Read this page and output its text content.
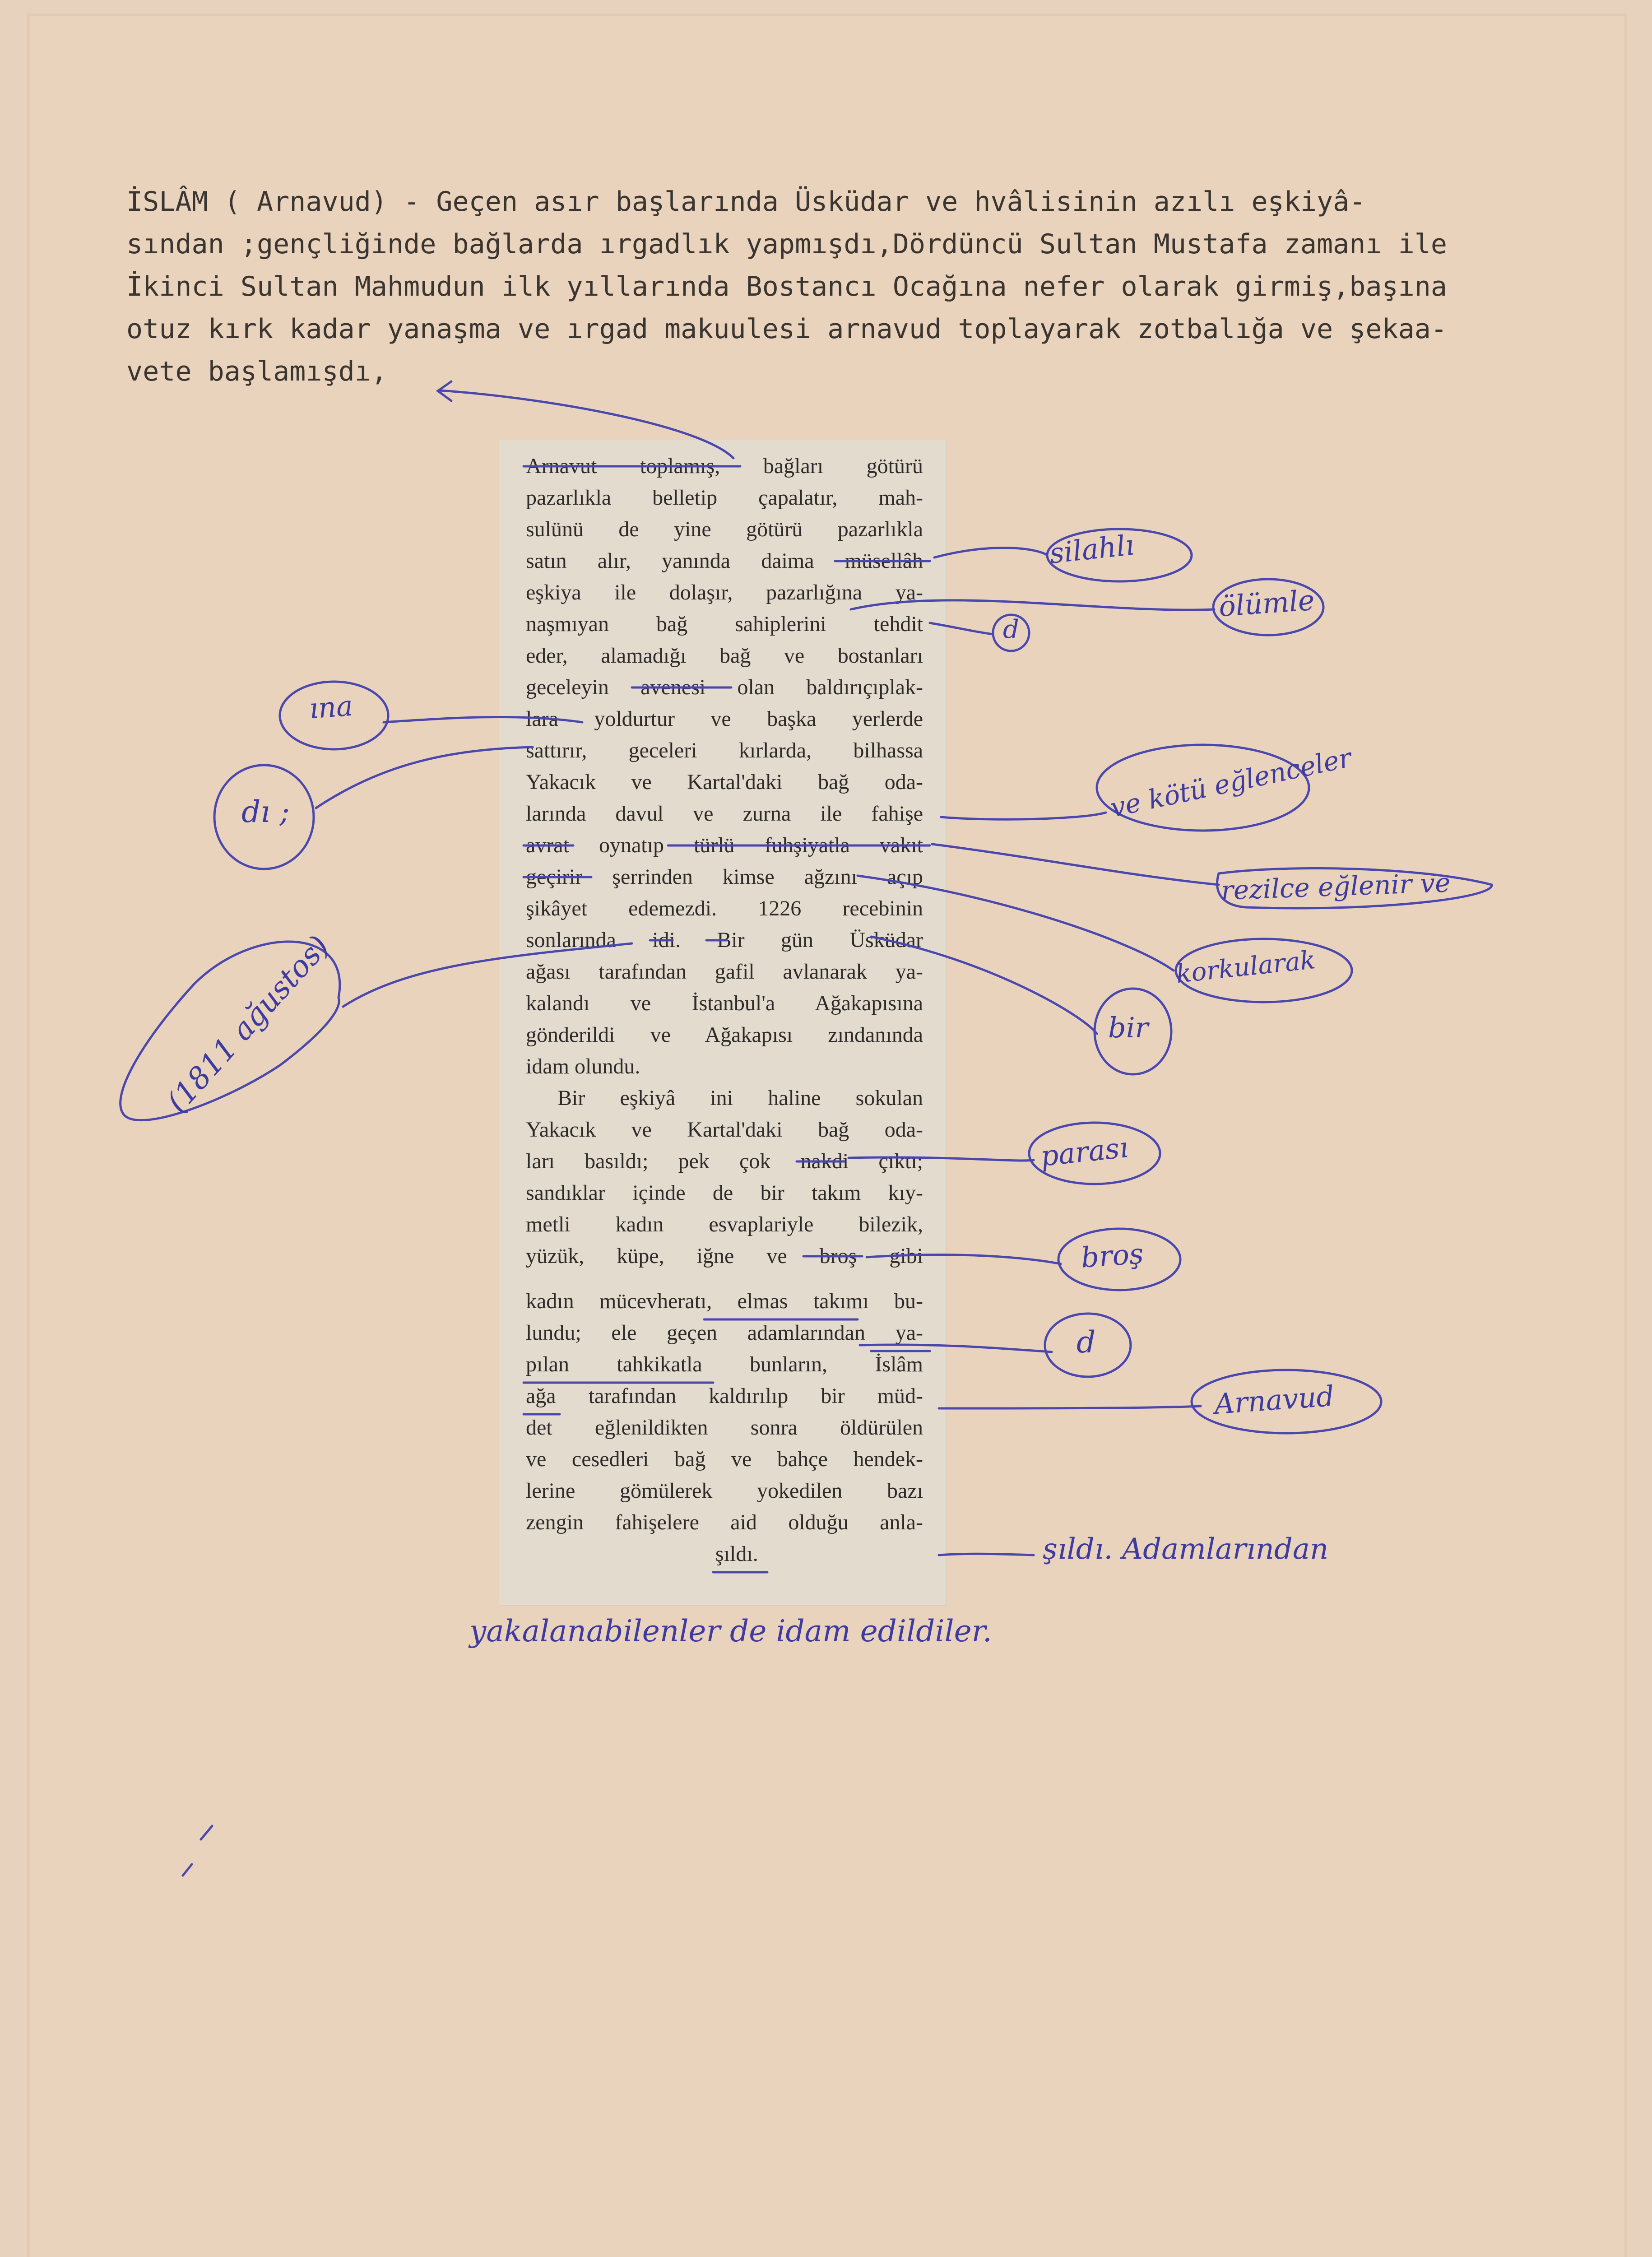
İSLÂM ( Arnavud) - Geçen asır başlarında Üsküdar ve hvâlisinin azılı eşkiyâ-

sından ;gençliğinde bağlarda ırgadlık yapmışdı,Dördüncü Sultan Mustafa zamanı ile

İkinci Sultan Mahmudun ilk yıllarında Bostancı Ocağına nefer olarak girmiş,başına

otuz kırk kadar yanaşma ve ırgad makuulesi arnavud toplayarak zotbalığa ve şekaa-

vete başlamışdı,

Arnavut toplamış, bağları götürü
pazarlıkla belletip çapalatır, mah-
sulünü de yine götürü pazarlıkla
satın alır, yanında daima müsellâh
eşkiya ile dolaşır, pazarlığına ya-
naşmıyan bağ sahiplerini tehdit
eder, alamadığı bağ ve bostanları
geceleyin avenesi olan baldırıçıplak-
lara yoldurtur ve başka yerlerde
sattırır, geceleri kırlarda, bilhassa
Yakacık ve Kartal'daki bağ oda-
larında davul ve zurna ile fahişe
avrat oynatıp türlü fuhşiyatla vakıt
geçirir şerrinden kimse ağzını açıp
şikâyet edemezdi. 1226 recebinin
sonlarında idi. Bir gün Üsküdar
ağası tarafından gafil avlanarak ya-
kalandı ve İstanbul'a Ağakapısına
gönderildi ve Ağakapısı zındanında
idam olundu.
Bir eşkiyâ ini haline sokulan
Yakacık ve Kartal'daki bağ oda-
ları basıldı; pek çok nakdi çıktı;
sandıklar içinde de bir takım kıy-
metli kadın esvaplariyle bilezik,
yüzük, küpe, iğne ve broş gibi
kadın mücevheratı, elmas takımı bu-
lundu; ele geçen adamlarından ya-
pılan tahkikatla bunların, İslâm
ağa tarafından kaldırılıp bir müd-
det eğlenildikten sonra öldürülen
ve cesedleri bağ ve bahçe hendek-
lerine gömülerek yokedilen bazı
zengin fahişelere aid olduğu anla-
şıldı.
silahlı
ölümle
d
ına
dı ;	ve kötü eğlenceler
rezilce eğlenir ve
korkularak
bir
(1811 ağustos)
parası
broş
d
Arnavud
şıldı. Adamlarından
yakalanabilenler de idam edildiler.
